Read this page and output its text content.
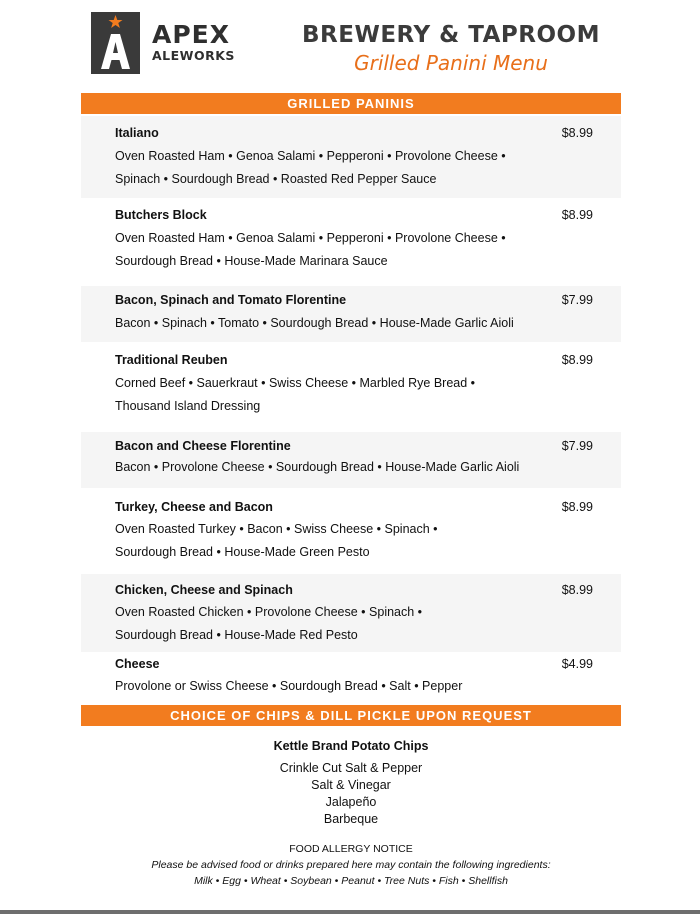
APEX
ALEWORKS
BREWERY & TAPROOM
Grilled Panini Menu
GRILLED PANINIS
Italiano	$8.99
Oven Roasted Ham • Genoa Salami • Pepperoni • Provolone Cheese •
Spinach • Sourdough Bread • Roasted Red Pepper Sauce
Butchers Block	$8.99
Oven Roasted Ham • Genoa Salami • Pepperoni • Provolone Cheese •
Sourdough Bread • House-Made Marinara Sauce
Bacon, Spinach and Tomato Florentine	$7.99
Bacon • Spinach • Tomato • Sourdough Bread • House-Made Garlic Aioli
Traditional Reuben	$8.99
Corned Beef • Sauerkraut • Swiss Cheese • Marbled Rye Bread •
Thousand Island Dressing
Bacon and Cheese Florentine	$7.99
Bacon • Provolone Cheese • Sourdough Bread • House-Made Garlic Aioli
Turkey, Cheese and Bacon	$8.99
Oven Roasted Turkey • Bacon • Swiss Cheese • Spinach •
Sourdough Bread • House-Made Green Pesto
Chicken, Cheese and Spinach	$8.99
Oven Roasted Chicken • Provolone Cheese • Spinach •
Sourdough Bread • House-Made Red Pesto
Cheese	$4.99
Provolone or Swiss Cheese • Sourdough Bread • Salt • Pepper
CHOICE OF CHIPS & DILL PICKLE UPON REQUEST
Kettle Brand Potato Chips
Crinkle Cut Salt & Pepper
Salt & Vinegar
Jalapeño
Barbeque
FOOD ALLERGY NOTICE
Please be advised food or drinks prepared here may contain the following ingredients:
Milk • Egg • Wheat • Soybean • Peanut • Tree Nuts • Fish • Shellfish
